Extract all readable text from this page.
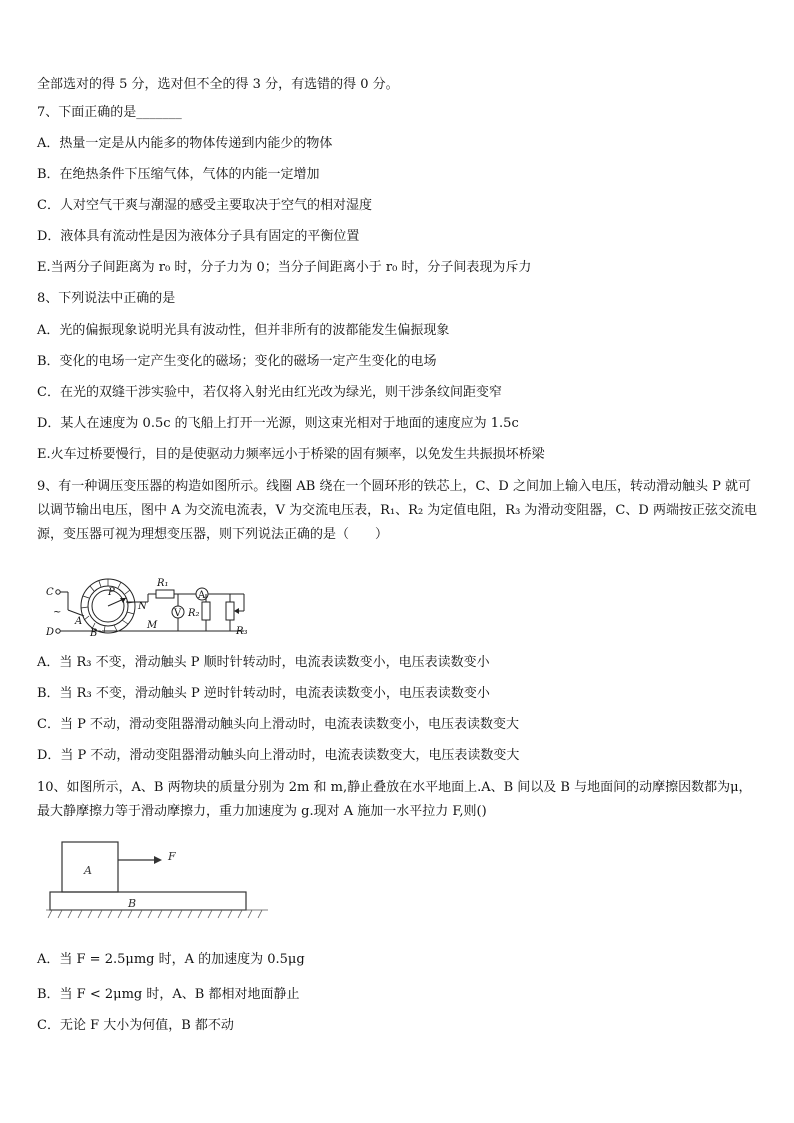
全部选对的得 5 分，选对但不全的得 3 分，有选错的得 0 分。
7、下面正确的是_______
A．热量一定是从内能多的物体传递到内能少的物体
B．在绝热条件下压缩气体，气体的内能一定增加
C．人对空气干爽与潮湿的感受主要取决于空气的相对湿度
D．液体具有流动性是因为液体分子具有固定的平衡位置
E.当两分子间距离为 r₀ 时，分子力为 0；当分子间距离小于 r₀ 时，分子间表现为斥力
8、下列说法中正确的是
A．光的偏振现象说明光具有波动性，但并非所有的波都能发生偏振现象
B．变化的电场一定产生变化的磁场；变化的磁场一定产生变化的电场
C．在光的双缝干涉实验中，若仅将入射光由红光改为绿光，则干涉条纹间距变窄
D．某人在速度为 0.5c 的飞船上打开一光源，则这束光相对于地面的速度应为 1.5c
E.火车过桥要慢行，目的是使驱动力频率远小于桥梁的固有频率，以免发生共振损坏桥梁
9、有一种调压变压器的构造如图所示。线圈 AB 绕在一个圆环形的铁芯上，C、D 之间加上输入电压，转动滑动触头 P 就可以调节输出电压，图中 A 为交流电流表，V 为交流电压表，R₁、R₂ 为定值电阻，R₃ 为滑动变阻器，C、D 两端按正弦交流电源，变压器可视为理想变压器，则下列说法正确的是（　　）
C
D
A
B
P
N
M
R₁
R₂
R₃
A
V
~
A．当 R₃ 不变，滑动触头 P 顺时针转动时，电流表读数变小，电压表读数变小
B．当 R₃ 不变，滑动触头 P 逆时针转动时，电流表读数变小，电压表读数变小
C．当 P 不动，滑动变阻器滑动触头向上滑动时，电流表读数变小，电压表读数变大
D．当 P 不动，滑动变阻器滑动触头向上滑动时，电流表读数变大，电压表读数变大
10、如图所示，A、B 两物块的质量分别为 2m 和 m,静止叠放在水平地面上.A、B 间以及 B 与地面间的动摩擦因数都为μ，最大静摩擦力等于滑动摩擦力，重力加速度为 g.现对 A 施加一水平拉力 F,则()
A
B
F
A．当 F = 2.5μmg 时，A 的加速度为 0.5μg
B．当 F < 2μmg 时，A、B 都相对地面静止
C．无论 F 大小为何值，B 都不动
